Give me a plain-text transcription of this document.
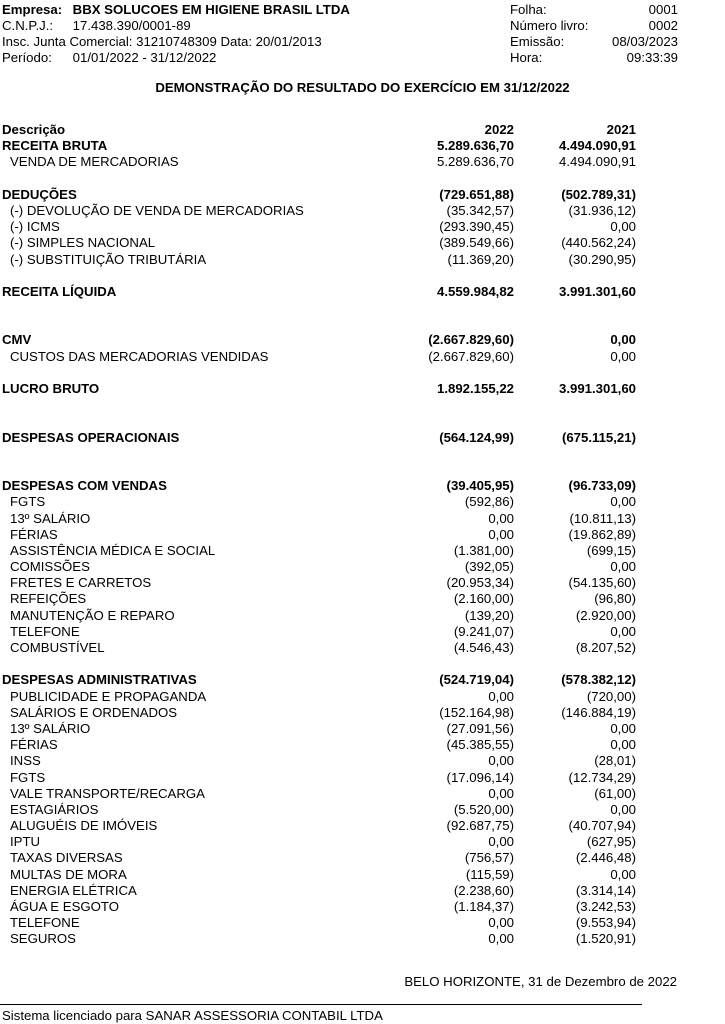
Empresa: BBX SOLUCOES EM HIGIENE BRASIL LTDA
C.N.P.J.: 17.438.390/0001-89
Insc. Junta Comercial: 31210748309 Data: 20/01/2013
Período: 01/01/2022 - 31/12/2022
Folha:	0001
Número livro:	0002
Emissão:	08/03/2023
Hora:	09:33:39
DEMONSTRAÇÃO DO RESULTADO DO EXERCÍCIO EM 31/12/2022
Descrição	2022	2021
RECEITA BRUTA	5.289.636,70	4.494.090,91
VENDA DE MERCADORIAS	5.289.636,70	4.494.090,91
DEDUÇÕES	(729.651,88)	(502.789,31)
(-) DEVOLUÇÃO DE VENDA DE MERCADORIAS	(35.342,57)	(31.936,12)
(-) ICMS	(293.390,45)	0,00
(-) SIMPLES NACIONAL	(389.549,66)	(440.562,24)
(-) SUBSTITUIÇÃO TRIBUTÁRIA	(11.369,20)	(30.290,95)
RECEITA LÍQUIDA	4.559.984,82	3.991.301,60
CMV	(2.667.829,60)	0,00
CUSTOS DAS MERCADORIAS VENDIDAS	(2.667.829,60)	0,00
LUCRO BRUTO	1.892.155,22	3.991.301,60
DESPESAS OPERACIONAIS	(564.124,99)	(675.115,21)
DESPESAS COM VENDAS	(39.405,95)	(96.733,09)
FGTS	(592,86)	0,00
13º SALÁRIO	0,00	(10.811,13)
FÉRIAS	0,00	(19.862,89)
ASSISTÊNCIA MÉDICA E SOCIAL	(1.381,00)	(699,15)
COMISSÕES	(392,05)	0,00
FRETES E CARRETOS	(20.953,34)	(54.135,60)
REFEIÇÕES	(2.160,00)	(96,80)
MANUTENÇÃO E REPARO	(139,20)	(2.920,00)
TELEFONE	(9.241,07)	0,00
COMBUSTÍVEL	(4.546,43)	(8.207,52)
DESPESAS ADMINISTRATIVAS	(524.719,04)	(578.382,12)
PUBLICIDADE E PROPAGANDA	0,00	(720,00)
SALÁRIOS E ORDENADOS	(152.164,98)	(146.884,19)
13º SALÁRIO	(27.091,56)	0,00
FÉRIAS	(45.385,55)	0,00
INSS	0,00	(28,01)
FGTS	(17.096,14)	(12.734,29)
VALE TRANSPORTE/RECARGA	0,00	(61,00)
ESTAGIÁRIOS	(5.520,00)	0,00
ALUGUÉIS DE IMÓVEIS	(92.687,75)	(40.707,94)
IPTU	0,00	(627,95)
TAXAS DIVERSAS	(756,57)	(2.446,48)
MULTAS DE MORA	(115,59)	0,00
ENERGIA ELÉTRICA	(2.238,60)	(3.314,14)
ÁGUA E ESGOTO	(1.184,37)	(3.242,53)
TELEFONE	0,00	(9.553,94)
SEGUROS	0,00	(1.520,91)
BELO HORIZONTE, 31 de Dezembro de 2022
Sistema licenciado para SANAR ASSESSORIA CONTABIL LTDA
